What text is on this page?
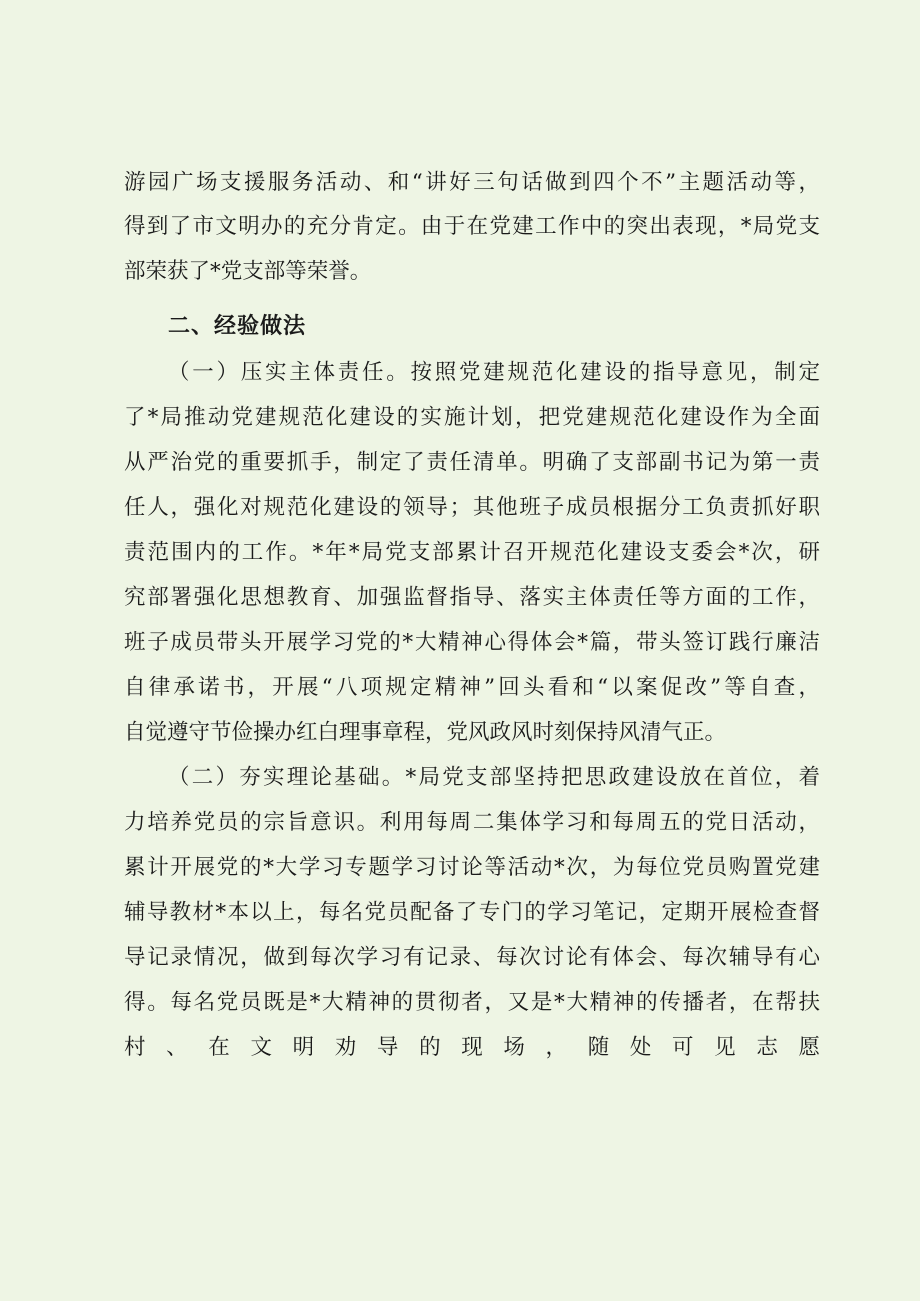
游园广场支援服务活动、和“讲好三句话做到四个不”主题活动等，
得到了市文明办的充分肯定。由于在党建工作中的突出表现，*局党支
部荣获了*党支部等荣誉。
二、经验做法
（一）压实主体责任。按照党建规范化建设的指导意见，制定
了*局推动党建规范化建设的实施计划，把党建规范化建设作为全面
从严治党的重要抓手，制定了责任清单。明确了支部副书记为第一责
任人，强化对规范化建设的领导；其他班子成员根据分工负责抓好职
责范围内的工作。*年*局党支部累计召开规范化建设支委会*次，研
究部署强化思想教育、加强监督指导、落实主体责任等方面的工作，
班子成员带头开展学习党的*大精神心得体会*篇，带头签订践行廉洁
自律承诺书，开展“八项规定精神”回头看和“以案促改”等自查，
自觉遵守节俭操办红白理事章程，党风政风时刻保持风清气正。
（二）夯实理论基础。*局党支部坚持把思政建设放在首位，着
力培养党员的宗旨意识。利用每周二集体学习和每周五的党日活动，
累计开展党的*大学习专题学习讨论等活动*次，为每位党员购置党建
辅导教材*本以上，每名党员配备了专门的学习笔记，定期开展检查督
导记录情况，做到每次学习有记录、每次讨论有体会、每次辅导有心
得。每名党员既是*大精神的贯彻者，又是*大精神的传播者，在帮扶
村、在文明劝导的现场，随处可见志愿
